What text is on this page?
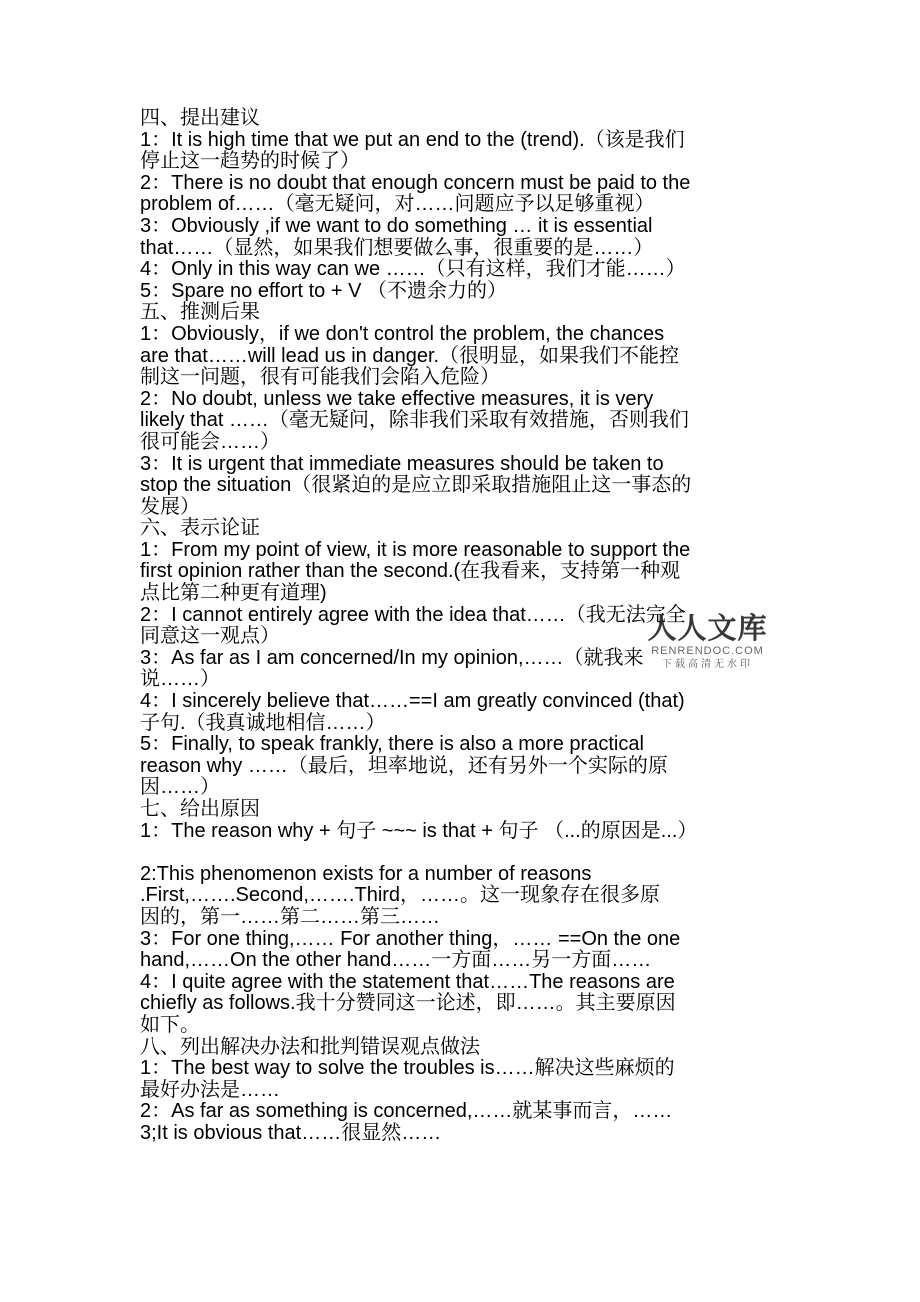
四、提出建议
1：It is high time that we put an end to the (trend).（该是我们
停止这一趋势的时候了）
2：There is no doubt that enough concern must be paid to the
problem of……（毫无疑问，对……问题应予以足够重视）
3：Obviously ,if we want to do something … it is essential
that……（显然，如果我们想要做么事，很重要的是……）
4：Only in this way can we ……（只有这样，我们才能……）
5：Spare no effort to + V （不遗余力的）
五、推测后果
1：Obviously，if we don't control the problem, the chances
are that……will lead us in danger.（很明显，如果我们不能控
制这一问题，很有可能我们会陷入危险）
2：No doubt, unless we take effective measures, it is very
likely that ……（毫无疑问，除非我们采取有效措施，否则我们
很可能会……）
3：It is urgent that immediate measures should be taken to
stop the situation（很紧迫的是应立即采取措施阻止这一事态的
发展）
六、表示论证
1：From my point of view, it is more reasonable to support the
first opinion rather than the second.(在我看来，支持第一种观
点比第二种更有道理)
2：I cannot entirely agree with the idea that……（我无法完全
同意这一观点）
3：As far as I am concerned/In my opinion,……（就我来
说……）
4：I sincerely believe that……==I am greatly convinced (that)
子句.（我真诚地相信……）
5：Finally, to speak frankly, there is also a more practical
reason why ……（最后，坦率地说，还有另外一个实际的原
因……）
七、给出原因
1：The reason why + 句子 ~~~ is that + 句子 （...的原因是...）
2:This phenomenon exists for a number of reasons
.First,…….Second,…….Third，……。这一现象存在很多原
因的，第一……第二……第三……
3：For one thing,…… For another thing，…… ==On the one
hand,……On the other hand……一方面……另一方面……
4：I quite agree with the statement that……The reasons are
chiefly as follows.我十分赞同这一论述，即……。其主要原因
如下。
八、列出解决办法和批判错误观点做法
1：The best way to solve the troubles is……解决这些麻烦的
最好办法是……
2：As far as something is concerned,……就某事而言，……
3;It is obvious that……很显然……
人人文库
RENRENDOC.COM
下载高清无水印
